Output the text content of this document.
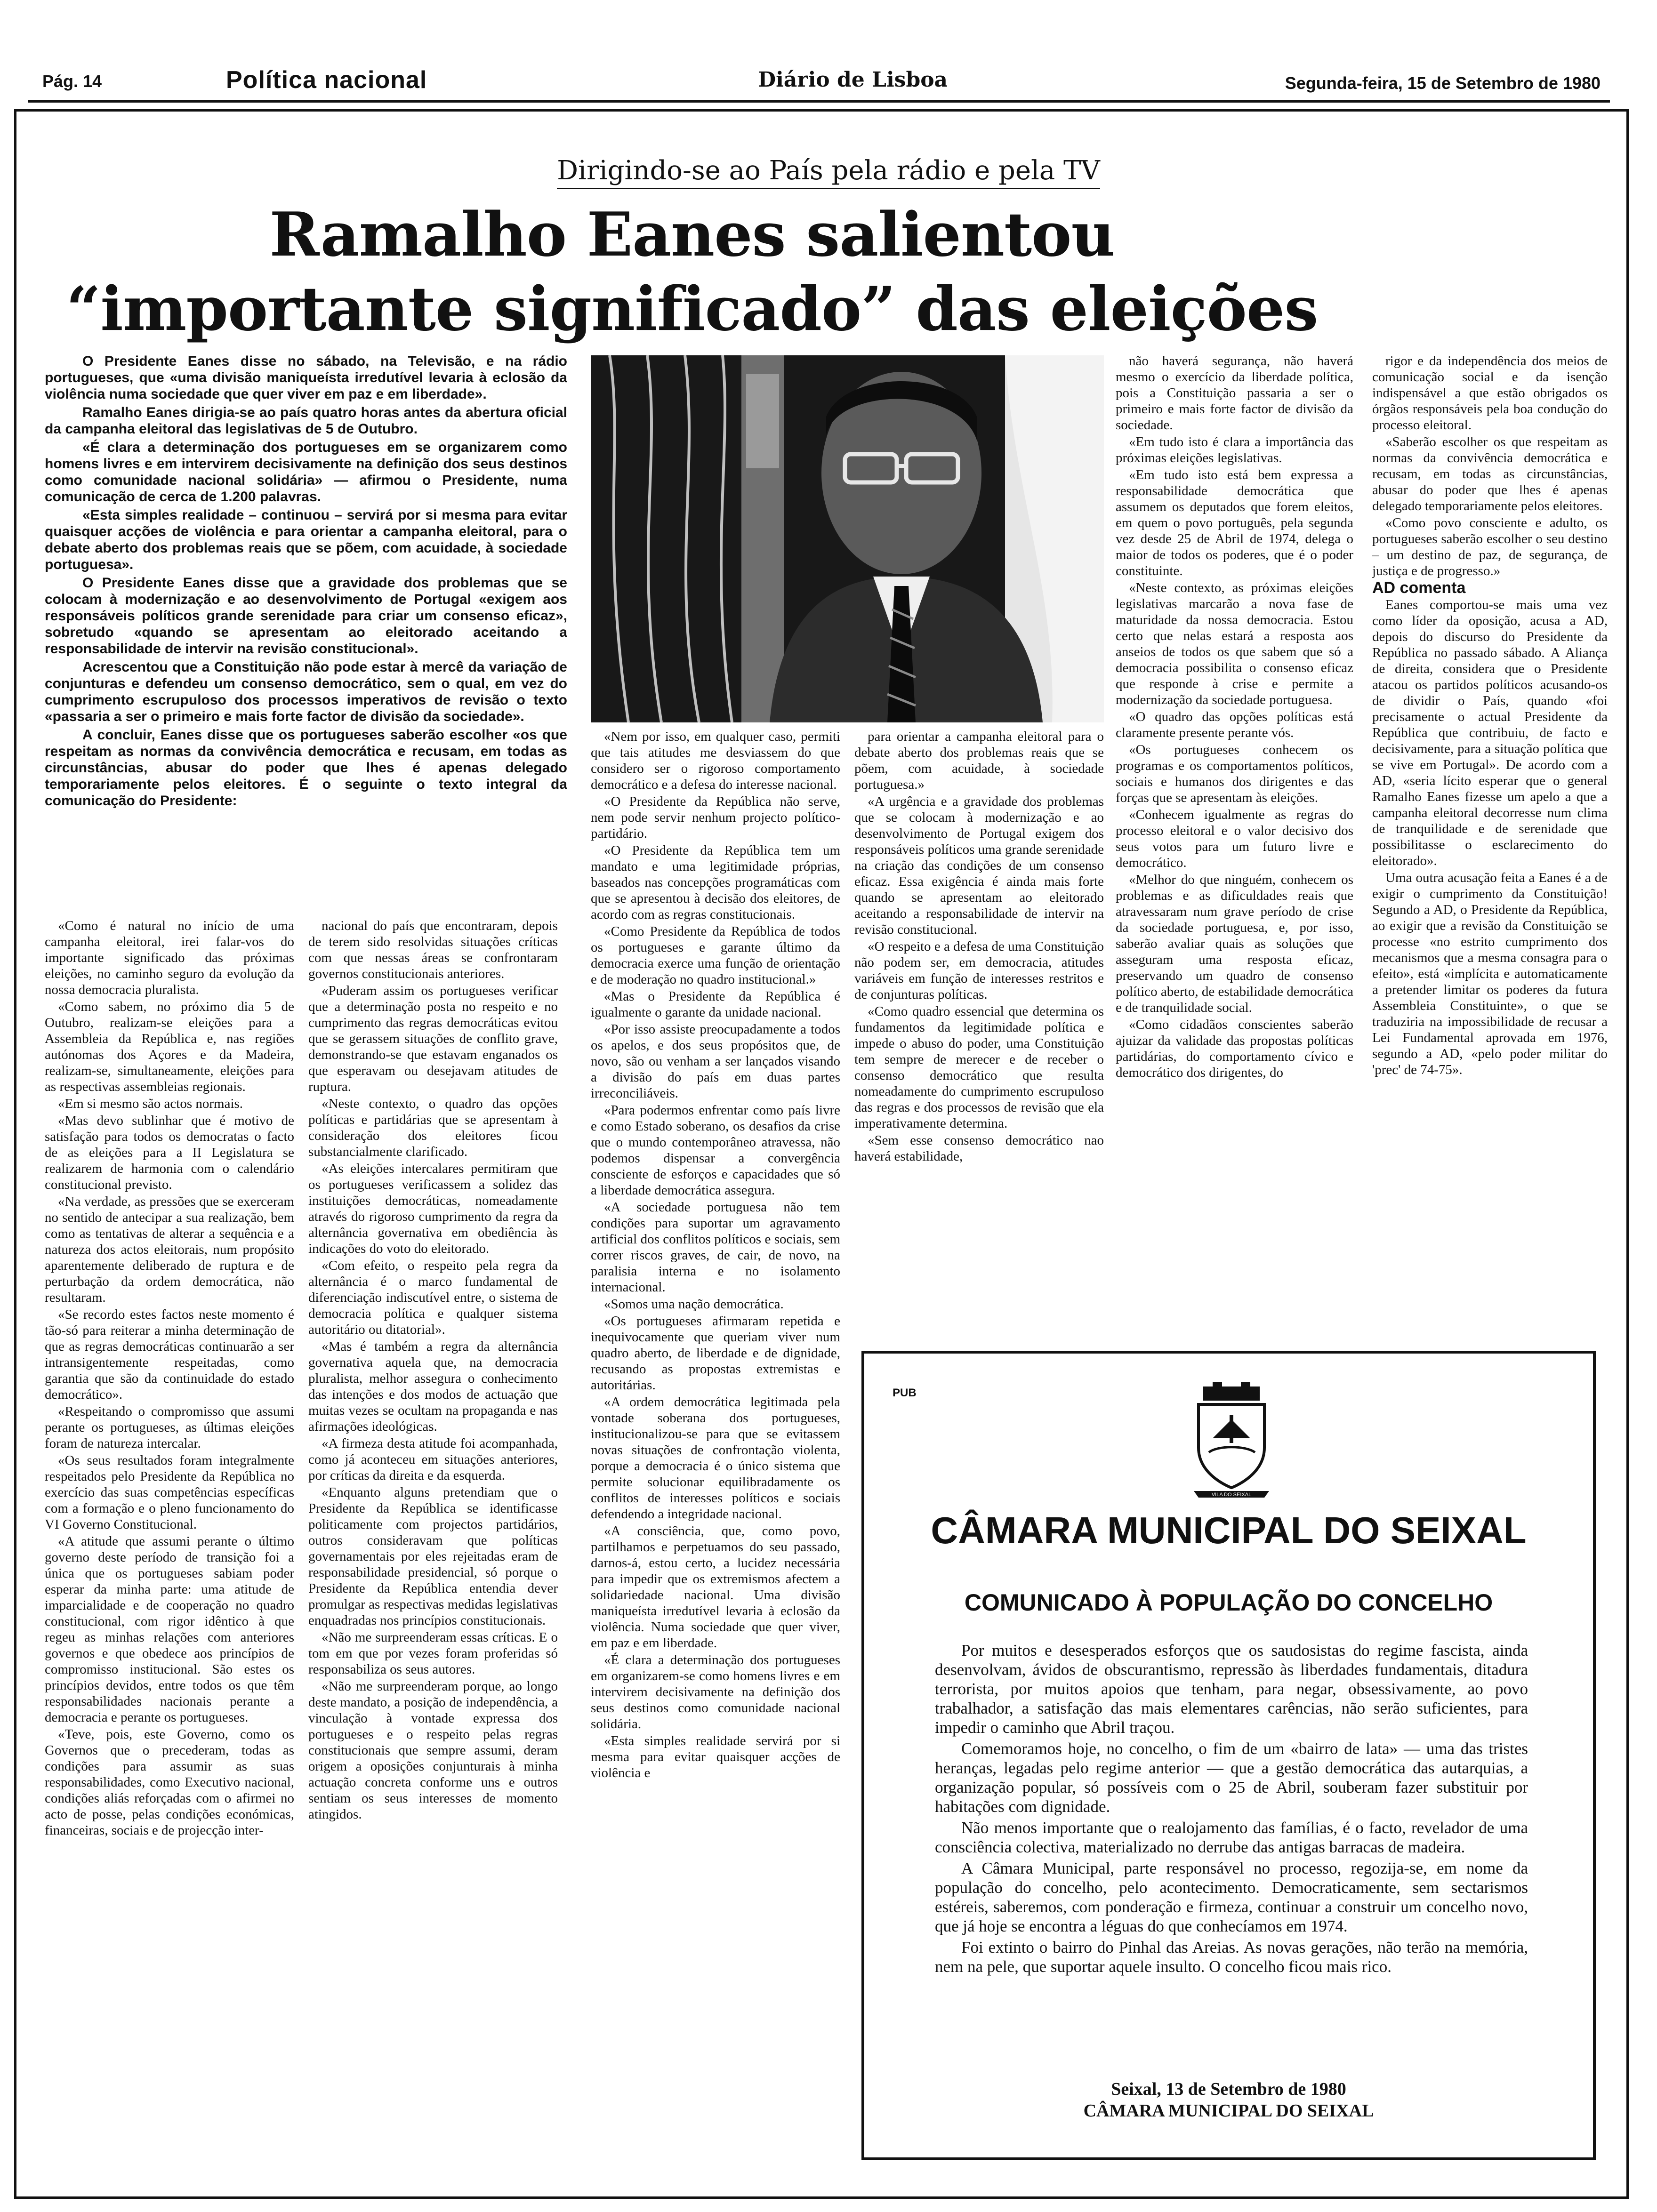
Pág. 14	Política nacional	Diário de Lisboa	Segunda-feira, 15 de Setembro de 1980
Dirigindo-se ao País pela rádio e pela TV
Ramalho Eanes salientou
“importante significado” das eleições

O Presidente Eanes disse no sábado, na Televisão, e na rádio portugueses, que «uma divisão maniqueísta irredutível levaria à eclosão da violência numa sociedade que quer viver em paz e em liberdade».

Ramalho Eanes dirigia-se ao país quatro horas antes da abertura oficial da campanha eleitoral das legislativas de 5 de Outubro.

«É clara a determinação dos portugueses em se organizarem como homens livres e em intervirem decisivamente na definição dos seus destinos como comunidade nacional solidária» — afirmou o Presidente, numa comunicação de cerca de 1.200 palavras.

«Esta simples realidade – continuou – servirá por si mesma para evitar quaisquer acções de violência e para orientar a campanha eleitoral, para o debate aberto dos problemas reais que se põem, com acuidade, à sociedade portuguesa».

O Presidente Eanes disse que a gravidade dos problemas que se colocam à modernização e ao desenvolvimento de Portugal «exigem aos responsáveis políticos grande serenidade para criar um consenso eficaz», sobretudo «quando se apresentam ao eleitorado aceitando a responsabilidade de intervir na revisão constitucional».

Acrescentou que a Constituição não pode estar à mercê da variação de conjunturas e defendeu um consenso democrático, sem o qual, em vez do cumprimento escrupuloso dos processos imperativos de revisão o texto «passaria a ser o primeiro e mais forte factor de divisão da sociedade».

A concluir, Eanes disse que os portugueses saberão escolher «os que respeitam as normas da convivência democrática e recusam, em todas as circunstâncias, abusar do poder que lhes é apenas delegado temporariamente pelos eleitores. É o seguinte o texto integral da comunicação do Presidente:

«Como é natural no início de uma campanha eleitoral, irei falar-vos do importante significado das próximas eleições, no caminho seguro da evolução da nossa democracia pluralista.

«Como sabem, no próximo dia 5 de Outubro, realizam-se eleições para a Assembleia da República e, nas regiões autónomas dos Açores e da Madeira, realizam-se, simultaneamente, eleições para as respectivas assembleias regionais.

«Em si mesmo são actos normais.

«Mas devo sublinhar que é motivo de satisfação para todos os democratas o facto de as eleições para a II Legislatura se realizarem de harmonia com o calendário constitucional previsto.

«Na verdade, as pressões que se exerceram no sentido de antecipar a sua realização, bem como as tentativas de alterar a sequência e a natureza dos actos eleitorais, num propósito aparentemente deliberado de ruptura e de perturbação da ordem democrática, não resultaram.

«Se recordo estes factos neste momento é tão-só para reiterar a minha determinação de que as regras democráticas continuarão a ser intransigentemente respeitadas, como garantia que são da continuidade do estado democrático».

«Respeitando o compromisso que assumi perante os portugueses, as últimas eleições foram de natureza intercalar.

«Os seus resultados foram integralmente respeitados pelo Presidente da República no exercício das suas competências específicas com a formação e o pleno funcionamento do VI Governo Constitucional.

«A atitude que assumi perante o último governo deste período de transição foi a única que os portugueses sabiam poder esperar da minha parte: uma atitude de imparcialidade e de cooperação no quadro constitucional, com rigor idêntico à que regeu as minhas relações com anteriores governos e que obedece aos princípios de compromisso institucional. São estes os princípios devidos, entre todos os que têm responsabilidades nacionais perante a democracia e perante os portugueses.

«Teve, pois, este Governo, como os Governos que o precederam, todas as condições para assumir as suas responsabilidades, como Executivo nacional, condições aliás reforçadas com o afirmei no acto de posse, pelas condições económicas, financeiras, sociais e de projecção inter-

nacional do país que encontraram, depois de terem sido resolvidas situações críticas com que nessas áreas se confrontaram governos constitucionais anteriores.

«Puderam assim os portugueses verificar que a determinação posta no respeito e no cumprimento das regras democráticas evitou que se gerassem situações de conflito grave, demonstrando-se que estavam enganados os que esperavam ou desejavam atitudes de ruptura.

«Neste contexto, o quadro das opções políticas e partidárias que se apresentam à consideração dos eleitores ficou substancialmente clarificado.

«As eleições intercalares permitiram que os portugueses verificassem a solidez das instituições democráticas, nomeadamente através do rigoroso cumprimento da regra da alternância governativa em obediência às indicações do voto do eleitorado.

«Com efeito, o respeito pela regra da alternância é o marco fundamental de diferenciação indiscutível entre, o sistema de democracia política e qualquer sistema autoritário ou ditatorial».

«Mas é também a regra da alternância governativa aquela que, na democracia pluralista, melhor assegura o conhecimento das intenções e dos modos de actuação que muitas vezes se ocultam na propaganda e nas afirmações ideológicas.

«A firmeza desta atitude foi acompanhada, como já aconteceu em situações anteriores, por críticas da direita e da esquerda.

«Enquanto alguns pretendiam que o Presidente da República se identificasse politicamente com projectos partidários, outros consideravam que políticas governamentais por eles rejeitadas eram de responsabilidade presidencial, só porque o Presidente da República entendia dever promulgar as respectivas medidas legislativas enquadradas nos princípios constitucionais.

«Não me surpreenderam essas críticas. E o tom em que por vezes foram proferidas só responsabiliza os seus autores.

«Não me surpreenderam porque, ao longo deste mandato, a posição de independência, a vinculação à vontade expressa dos portugueses e o respeito pelas regras constitucionais que sempre assumi, deram origem a oposições conjunturais à minha actuação concreta conforme uns e outros sentiam os seus interesses de momento atingidos.

«Nem por isso, em qualquer caso, permiti que tais atitudes me desviassem do que considero ser o rigoroso comportamento democrático e a defesa do interesse nacional.

«O Presidente da República não serve, nem pode servir nenhum projecto político-partidário.

«O Presidente da República tem um mandato e uma legitimidade próprias, baseados nas concepções programáticas com que se apresentou à decisão dos eleitores, de acordo com as regras constitucionais.

«Como Presidente da República de todos os portugueses e garante último da democracia exerce uma função de orientação e de moderação no quadro institucional.»

«Mas o Presidente da República é igualmente o garante da unidade nacional.

«Por isso assiste preocupadamente a todos os apelos, e dos seus propósitos que, de novo, são ou venham a ser lançados visando a divisão do país em duas partes irreconciliáveis.

«Para podermos enfrentar como país livre e como Estado soberano, os desafios da crise que o mundo contemporâneo atravessa, não podemos dispensar a convergência consciente de esforços e capacidades que só a liberdade democrática assegura.

«A sociedade portuguesa não tem condições para suportar um agravamento artificial dos conflitos políticos e sociais, sem correr riscos graves, de cair, de novo, na paralisia interna e no isolamento internacional.

«Somos uma nação democrática.

«Os portugueses afirmaram repetida e inequivocamente que queriam viver num quadro aberto, de liberdade e de dignidade, recusando as propostas extremistas e autoritárias.

«A ordem democrática legitimada pela vontade soberana dos portugueses, institucionalizou-se para que se evitassem novas situações de confrontação violenta, porque a democracia é o único sistema que permite solucionar equilibradamente os conflitos de interesses políticos e sociais defendendo a integridade nacional.

«A consciência, que, como povo, partilhamos e perpetuamos do seu passado, darnos-á, estou certo, a lucidez necessária para impedir que os extremismos afectem a solidariedade nacional. Uma divisão maniqueísta irredutível levaria à eclosão da violência. Numa sociedade que quer viver, em paz e em liberdade.

«É clara a determinação dos portugueses em organizarem-se como homens livres e em intervirem decisivamente na definição dos seus destinos como comunidade nacional solidária.

«Esta simples realidade servirá por si mesma para evitar quaisquer acções de violência e

para orientar a campanha eleitoral para o debate aberto dos problemas reais que se põem, com acuidade, à sociedade portuguesa.»

«A urgência e a gravidade dos problemas que se colocam à modernização e ao desenvolvimento de Portugal exigem dos responsáveis políticos uma grande serenidade na criação das condições de um consenso eficaz. Essa exigência é ainda mais forte quando se apresentam ao eleitorado aceitando a responsabilidade de intervir na revisão constitucional.

«O respeito e a defesa de uma Constituição não podem ser, em democracia, atitudes variáveis em função de interesses restritos e de conjunturas políticas.

«Como quadro essencial que determina os fundamentos da legitimidade política e impede o abuso do poder, uma Constituição tem sempre de merecer e de receber o consenso democrático que resulta nomeadamente do cumprimento escrupuloso das regras e dos processos de revisão que ela imperativamente determina.

«Sem esse consenso democrático nao haverá estabilidade,

não haverá segurança, não haverá mesmo o exercício da liberdade política, pois a Constituição passaria a ser o primeiro e mais forte factor de divisão da sociedade.

«Em tudo isto é clara a importância das próximas eleições legislativas.

«Em tudo isto está bem expressa a responsabilidade democrática que assumem os deputados que forem eleitos, em quem o povo português, pela segunda vez desde 25 de Abril de 1974, delega o maior de todos os poderes, que é o poder constituinte.

«Neste contexto, as próximas eleições legislativas marcarão a nova fase de maturidade da nossa democracia. Estou certo que nelas estará a resposta aos anseios de todos os que sabem que só a democracia possibilita o consenso eficaz que responde à crise e permite a modernização da sociedade portuguesa.

«O quadro das opções políticas está claramente presente perante vós.

«Os portugueses conhecem os programas e os comportamentos políticos, sociais e humanos dos dirigentes e das forças que se apresentam às eleições.

«Conhecem igualmente as regras do processo eleitoral e o valor decisivo dos seus votos para um futuro livre e democrático.

«Melhor do que ninguém, conhecem os problemas e as dificuldades reais que atravessaram num grave período de crise da sociedade portuguesa, e, por isso, saberão avaliar quais as soluções que asseguram uma resposta eficaz, preservando um quadro de consenso político aberto, de estabilidade democrática e de tranquilidade social.

«Como cidadãos conscientes saberão ajuizar da validade das propostas políticas partidárias, do comportamento cívico e democrático dos dirigentes, do

rigor e da independência dos meios de comunicação social e da isenção indispensável a que estão obrigados os órgãos responsáveis pela boa condução do processo eleitoral.

«Saberão escolher os que respeitam as normas da convivência democrática e recusam, em todas as circunstâncias, abusar do poder que lhes é apenas delegado temporariamente pelos eleitores.

«Como povo consciente e adulto, os portugueses saberão escolher o seu destino – um destino de paz, de segurança, de justiça e de progresso.»

AD comenta

Eanes comportou-se mais uma vez como líder da oposição, acusa a AD, depois do discurso do Presidente da República no passado sábado. A Aliança de direita, considera que o Presidente atacou os partidos políticos acusando-os de dividir o País, quando «foi precisamente o actual Presidente da República que contribuiu, de facto e decisivamente, para a situação política que se vive em Portugal». De acordo com a AD, «seria lícito esperar que o general Ramalho Eanes fizesse um apelo a que a campanha eleitoral decorresse num clima de tranquilidade e de serenidade que possibilitasse o esclarecimento do eleitorado».

Uma outra acusação feita a Eanes é a de exigir o cumprimento da Constituição! Segundo a AD, o Presidente da República, ao exigir que a revisão da Constituição se processe «no estrito cumprimento dos mecanismos que a mesma consagra para o efeito», está «implícita e automaticamente a pretender limitar os poderes da futura Assembleia Constituinte», o que se traduziria na impossibilidade de recusar a Lei Fundamental aprovada em 1976, segundo a AD, «pelo poder militar do 'prec' de 74-75».

PUB
VILA DO SEIXAL
CÂMARA MUNICIPAL DO SEIXAL
COMUNICADO À POPULAÇÃO DO CONCELHO

Por muitos e desesperados esforços que os saudosistas do regime fascista, ainda desenvolvam, ávidos de obscurantismo, repressão às liberdades fundamentais, ditadura terrorista, por muitos apoios que tenham, para negar, obsessivamente, ao povo trabalhador, a satisfação das mais elementares carências, não serão suficientes, para impedir o caminho que Abril traçou.

Comemoramos hoje, no concelho, o fim de um «bairro de lata» — uma das tristes heranças, legadas pelo regime anterior — que a gestão democrática das autarquias, a organização popular, só possíveis com o 25 de Abril, souberam fazer substituir por habitações com dignidade.

Não menos importante que o realojamento das famílias, é o facto, revelador de uma consciência colectiva, materializado no derrube das antigas barracas de madeira.

A Câmara Municipal, parte responsável no processo, regozija-se, em nome da população do concelho, pelo acontecimento. Democraticamente, sem sectarismos estéreis, saberemos, com ponderação e firmeza, continuar a construir um concelho novo, que já hoje se encontra a léguas do que conhecíamos em 1974.

Foi extinto o bairro do Pinhal das Areias. As novas gerações, não terão na memória, nem na pele, que suportar aquele insulto. O concelho ficou mais rico.

Seixal, 13 de Setembro de 1980
CÂMARA MUNICIPAL DO SEIXAL
